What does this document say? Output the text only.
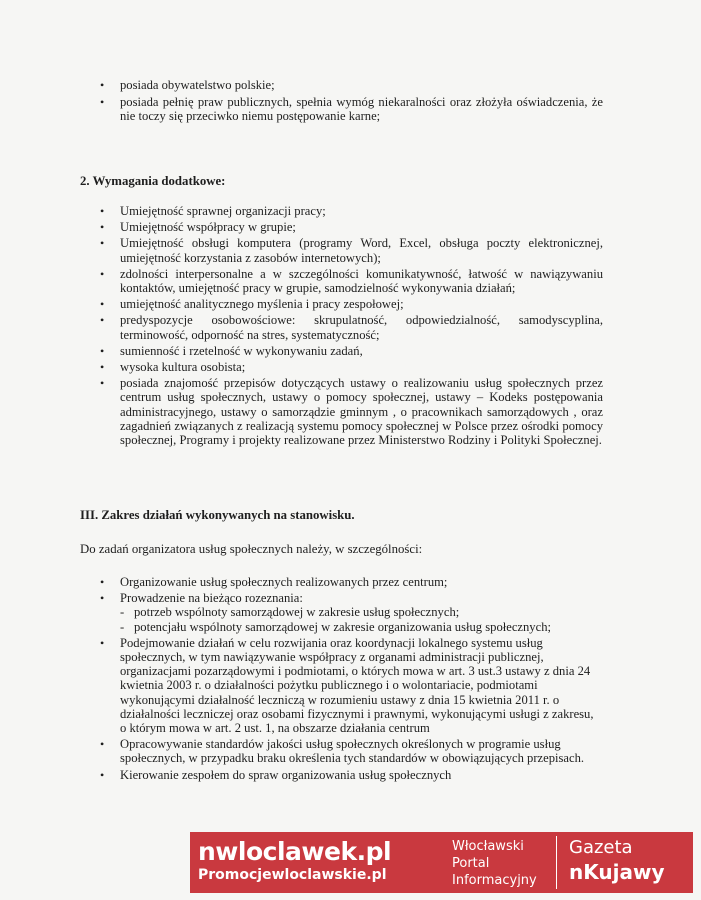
• posiada obywatelstwo polskie;
• posiada pełnię praw publicznych, spełnia wymóg niekaralności oraz złożyła oświadczenia, że nie toczy się przeciwko niemu postępowanie karne;
2. Wymagania dodatkowe:
• Umiejętność sprawnej organizacji pracy;
• Umiejętność współpracy w grupie;
• Umiejętność obsługi komputera (programy Word, Excel, obsługa poczty elektronicznej, umiejętność korzystania z zasobów internetowych);
• zdolności interpersonalne a w szczególności komunikatywność, łatwość w nawiązywaniu kontaktów, umiejętność pracy w grupie, samodzielność wykonywania działań;
• umiejętność analitycznego myślenia i pracy zespołowej;
• predyspozycje osobowościowe: skrupulatność, odpowiedzialność, samodyscyplina, terminowość, odporność na stres, systematyczność;
• sumienność i rzetelność w wykonywaniu zadań,
• wysoka kultura osobista;
• posiada znajomość przepisów dotyczących ustawy o realizowaniu usług społecznych przez centrum usług społecznych, ustawy o pomocy społecznej, ustawy – Kodeks postępowania administracyjnego, ustawy o samorządzie gminnym , o pracownikach samorządowych , oraz zagadnień związanych z realizacją systemu pomocy społecznej w Polsce przez ośrodki pomocy społecznej, Programy i projekty realizowane przez Ministerstwo Rodziny i Polityki Społecznej.
III. Zakres działań wykonywanych na stanowisku.
Do zadań organizatora usług społecznych należy, w szczególności:
• Organizowanie usług społecznych realizowanych przez centrum;
• Prowadzenie na bieżąco rozeznania:
- potrzeb wspólnoty samorządowej w zakresie usług społecznych;
- potencjału wspólnoty samorządowej w zakresie organizowania usług społecznych;
• Podejmowanie działań w celu rozwijania oraz koordynacji lokalnego systemu usług społecznych, w tym nawiązywanie współpracy z organami administracji publicznej, organizacjami pozarządowymi i podmiotami, o których mowa w art. 3 ust.3 ustawy z dnia 24 kwietnia 2003 r. o działalności pożytku publicznego i o wolontariacie, podmiotami wykonującymi działalność leczniczą w rozumieniu ustawy z dnia 15 kwietnia 2011 r. o działalności leczniczej oraz osobami fizycznymi i prawnymi, wykonującymi usługi z zakresu, o którym mowa w art. 2 ust. 1, na obszarze działania centrum
• Opracowywanie standardów jakości usług społecznych określonych w programie usług społecznych, w przypadku braku określenia tych standardów w obowiązujących przepisach.
• Kierowanie zespołem do spraw organizowania usług społecznych
nwloclawek.pl
Promocjewloclawskie.pl
Włocławski
Portal
Informacyjny
Gazeta
nKujawy
